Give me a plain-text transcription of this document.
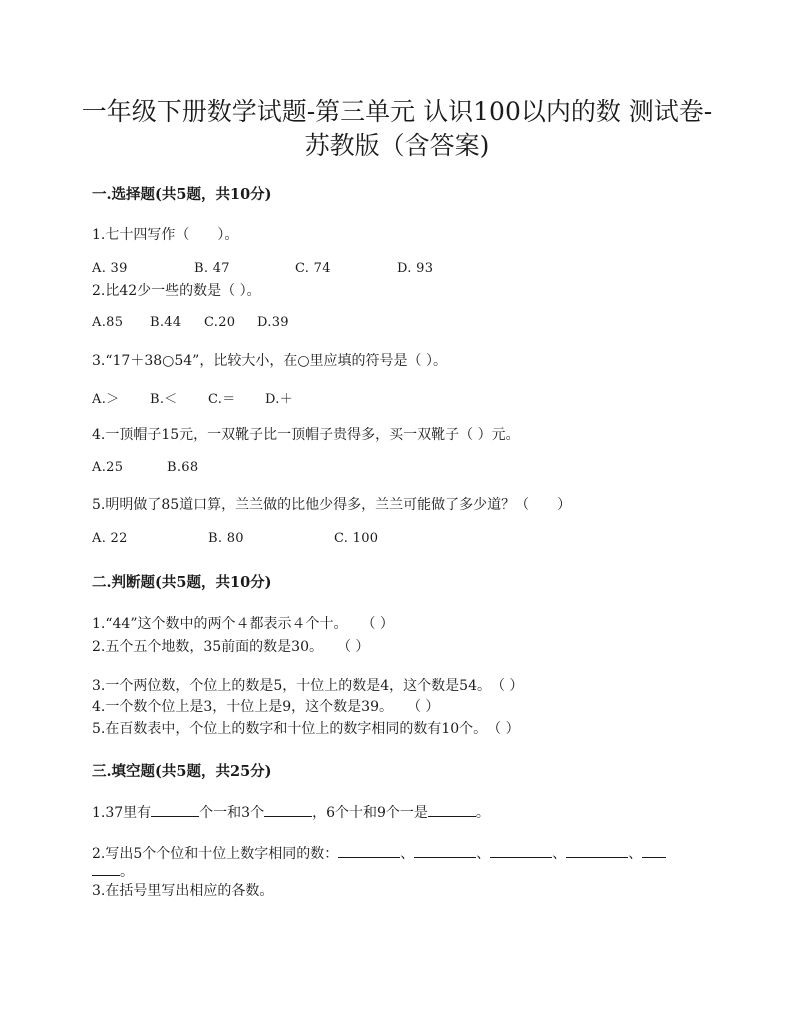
一年级下册数学试题-第三单元 认识100以内的数 测试卷-
苏教版（含答案)
一.选择题(共5题，共10分)
1.七十四写作（　　）。
A. 39	B. 47	C. 74	D. 93
2.比42少一些的数是（ ）。
A.85 B.44 C.20 D.39
3.“17＋38○54”，比较大小，在○里应填的符号是（ ）。
A.＞ B.＜ C.＝ D.＋
4.一顶帽子15元，一双靴子比一顶帽子贵得多，买一双靴子（ ）元。
A.25	B.68
5.明明做了85道口算，兰兰做的比他少得多，兰兰可能做了多少道？（　　）
A. 22	B. 80	C. 100
二.判断题(共5题，共10分)
1.“44”这个数中的两个４都表示４个十。　　（ ）
2.五个五个地数，35前面的数是30。　　（ ）
3.一个两位数，个位上的数是5，十位上的数是4，这个数是54。　（ ）
4.一个数个位上是3，十位上是9，这个数是39。　　（ ）
5.在百数表中，个位上的数字和十位上的数字相同的数有10个。　（ ）
三.填空题(共5题，共25分)
1.37里有	个一和3个	，6个十和9个一是	。
2.写出5个个位和十位上数字相同的数：	、	、	、	、
。
3.在括号里写出相应的各数。
